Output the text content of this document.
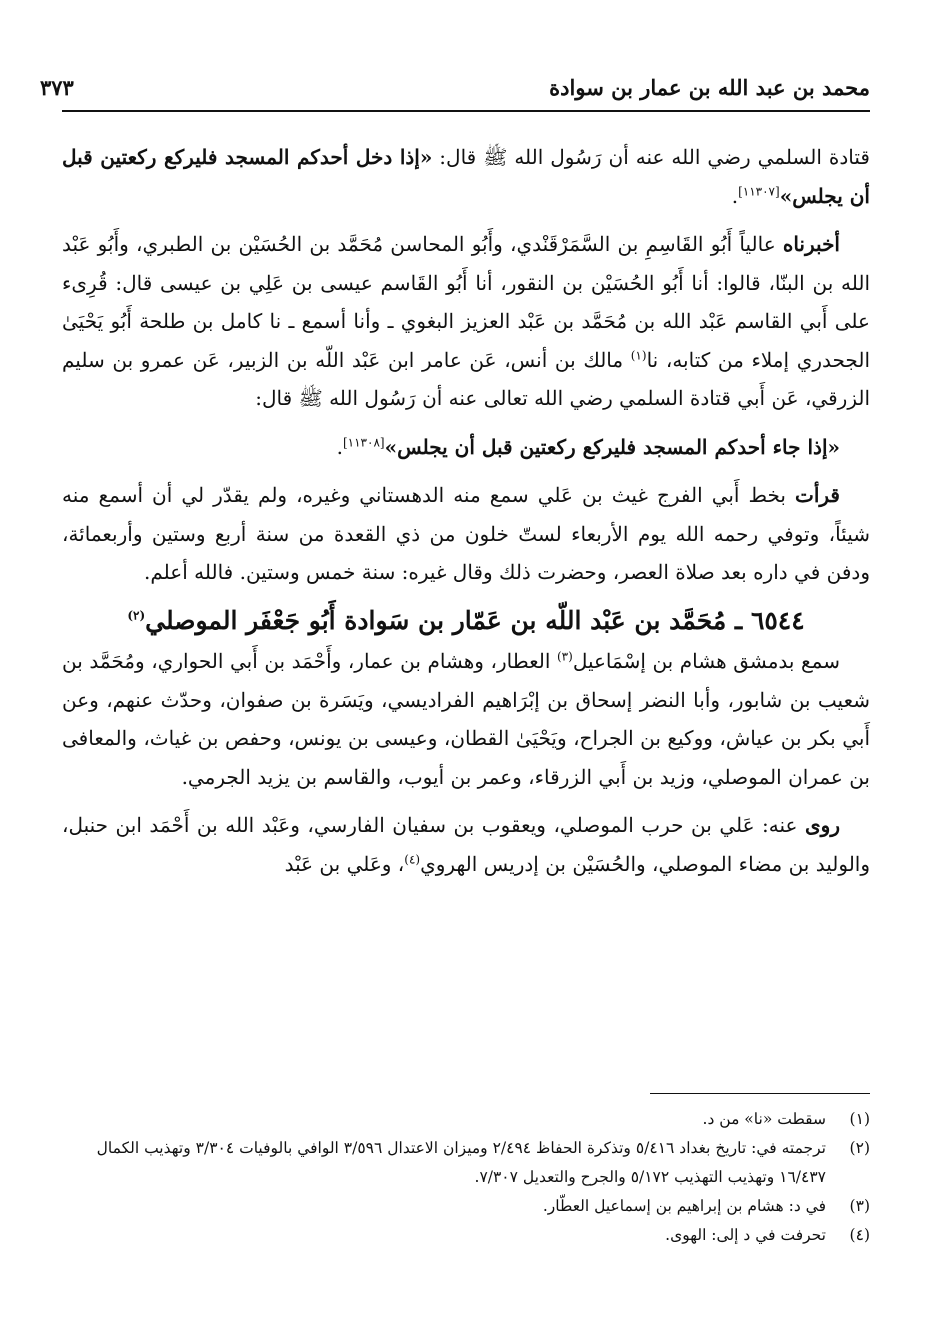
محمد بن عبد الله بن عمار بن سوادة
٣٧٣

قتادة السلمي رضي الله عنه أن رَسُول الله ﷺ قال: «إذا دخل أحدكم المسجد فليركع ركعتين قبل أن يجلس»[١١٣٠٧].

أخبرناه عالياً أَبُو القَاسِمِ بن السَّمَرْقَنْدي، وأَبُو المحاسن مُحَمَّد بن الحُسَيْن بن الطبري، وأَبُو عَبْد الله بن البنّا، قالوا: أنا أَبُو الحُسَيْن بن النقور، أنا أَبُو القَاسم عيسى بن عَلِي بن عيسى قال: قُرِىء على أَبي القاسم عَبْد الله بن مُحَمَّد بن عَبْد العزيز البغوي ـ وأنا أسمع ـ نا كامل بن طلحة أَبُو يَحْيَىٰ الجحدري إملاء من كتابه، نا$^{(١)}$ مالك بن أنس، عَن عامر ابن عَبْد اللّه بن الزبير، عَن عمرو بن سليم الزرقي، عَن أَبي قتادة السلمي رضي الله تعالى عنه أن رَسُول الله ﷺ قال:

«إذا جاء أحدكم المسجد فليركع ركعتين قبل أن يجلس»[١١٣٠٨].

قرأت بخط أَبي الفرج غيث بن عَلي سمع منه الدهستاني وغيره، ولم يقدّر لي أن أسمع منه شيئاً، وتوفي رحمه الله يوم الأربعاء لستّ خلون من ذي القعدة من سنة أربع وستين وأربعمائة، ودفن في داره بعد صلاة العصر، وحضرت ذلك وقال غيره: سنة خمس وستين. فالله أعلم.

٦٥٤٤ ـ مُحَمَّد بن عَبْد اللّه بن عَمّار بن سَوادة أَبُو جَعْفَر الموصلي$^{(٢)}$

سمع بدمشق هشام بن إسْمَاعيل$^{(٣)}$ العطار، وهشام بن عمار، وأَحْمَد بن أَبي الحواري، ومُحَمَّد بن شعيب بن شابور، وأبا النضر إسحاق بن إبْرَاهيم الفراديسي، ويَسَرة بن صفوان، وحدّث عنهم، وعن أَبي بكر بن عياش، ووكيع بن الجراح، ويَحْيَىٰ القطان، وعيسى بن يونس، وحفص بن غياث، والمعافى بن عمران الموصلي، وزيد بن أَبي الزرقاء، وعمر بن أيوب، والقاسم بن يزيد الجرمي.

روى عنه: عَلي بن حرب الموصلي، ويعقوب بن سفيان الفارسي، وعَبْد الله بن أَحْمَد ابن حنبل، والوليد بن مضاء الموصلي، والحُسَيْن بن إدريس الهروي$^{(٤)}$، وعَلي بن عَبْد

(١)
سقطت «نا» من د.
(٢)
ترجمته في: تاريخ بغداد ٥/٤١٦ وتذكرة الحفاظ ٢/٤٩٤ وميزان الاعتدال ٣/٥٩٦ الوافي بالوفيات ٣/٣٠٤ وتهذيب الكمال ١٦/٤٣٧ وتهذيب التهذيب ٥/١٧٢ والجرح والتعديل ٧/٣٠٧.
(٣)
في د: هشام بن إبراهيم بن إسماعيل العطّار.
(٤)
تحرفت في د إلى: الهوى.
